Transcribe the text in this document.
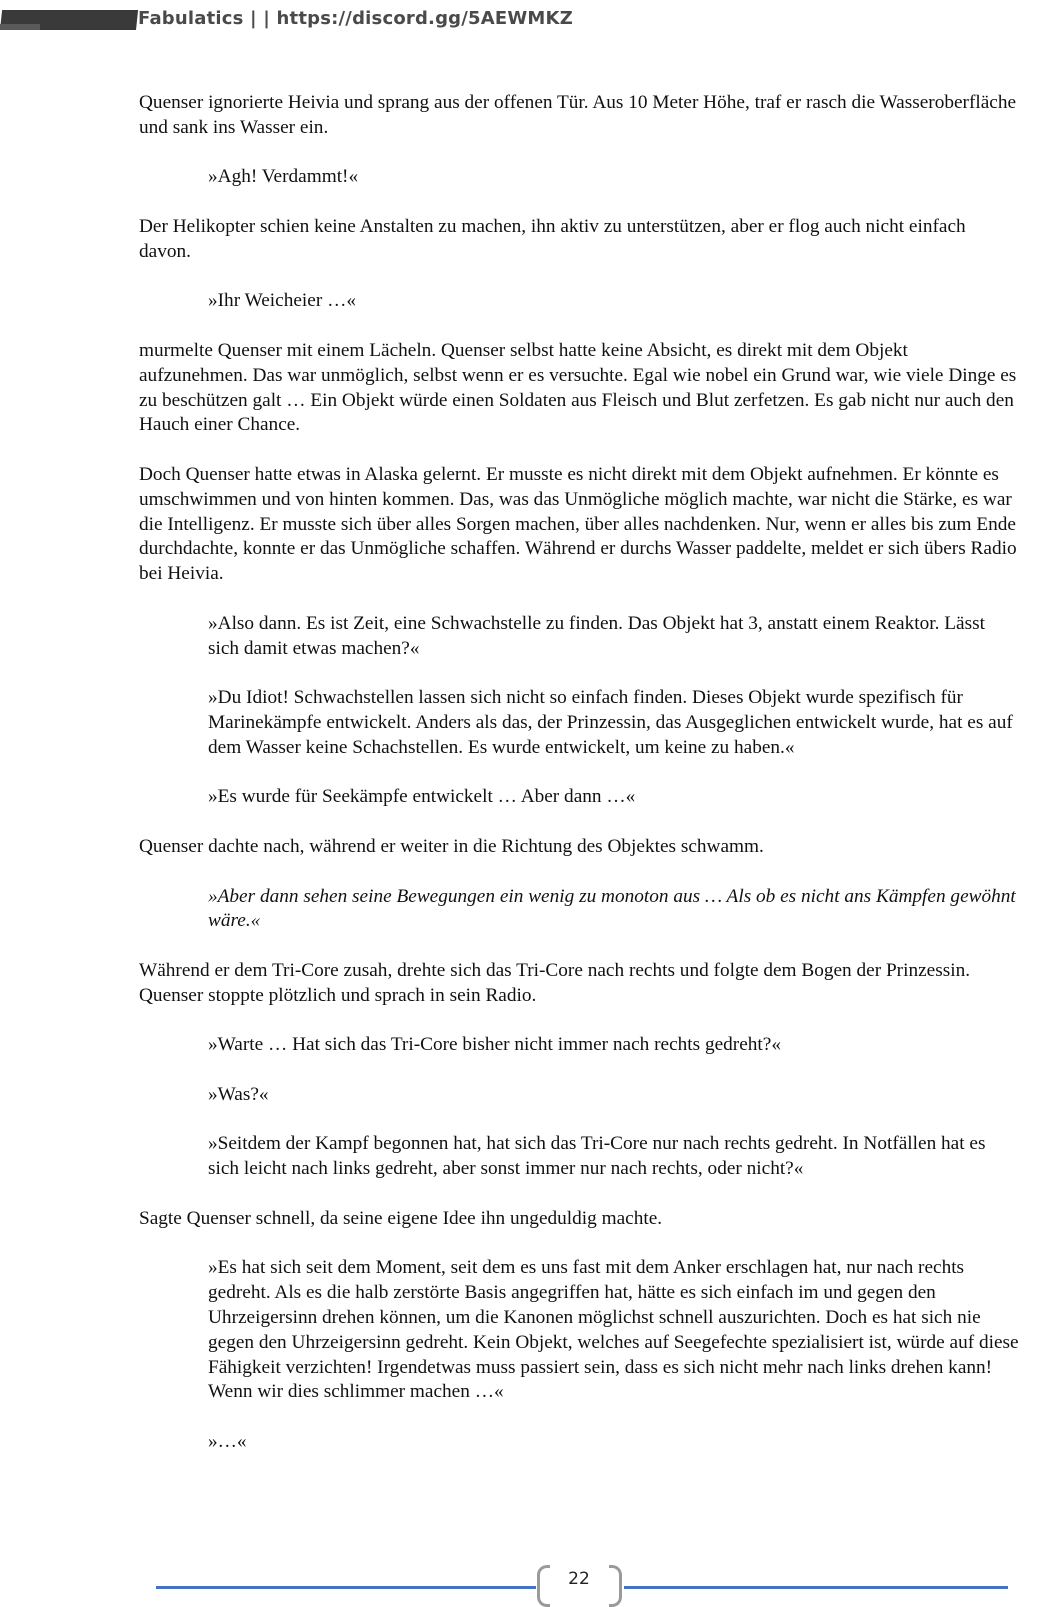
Fabulatics | | https://discord.gg/5AEWMKZ

Quenser ignorierte Heivia und sprang aus der offenen Tür. Aus 10 Meter Höhe, traf er rasch die Wasseroberfläche und sank ins Wasser ein.

»Agh! Verdammt!«

Der Helikopter schien keine Anstalten zu machen, ihn aktiv zu unterstützen, aber er flog auch nicht einfach davon.

»Ihr Weicheier …«

murmelte Quenser mit einem Lächeln. Quenser selbst hatte keine Absicht, es direkt mit dem Objekt aufzunehmen. Das war unmöglich, selbst wenn er es versuchte. Egal wie nobel ein Grund war, wie viele Dinge es zu beschützen galt … Ein Objekt würde einen Soldaten aus Fleisch und Blut zerfetzen. Es gab nicht nur auch den Hauch einer Chance.

Doch Quenser hatte etwas in Alaska gelernt. Er musste es nicht direkt mit dem Objekt aufnehmen. Er könnte es umschwimmen und von hinten kommen. Das, was das Unmögliche möglich machte, war nicht die Stärke, es war die Intelligenz. Er musste sich über alles Sorgen machen, über alles nachdenken. Nur, wenn er alles bis zum Ende durchdachte, konnte er das Unmögliche schaffen. Während er durchs Wasser paddelte, meldet er sich übers Radio bei Heivia.

»Also dann. Es ist Zeit, eine Schwachstelle zu finden. Das Objekt hat 3, anstatt einem Reaktor. Lässt sich damit etwas machen?«

»Du Idiot! Schwachstellen lassen sich nicht so einfach finden. Dieses Objekt wurde spezifisch für Marinekämpfe entwickelt. Anders als das, der Prinzessin, das Ausgeglichen entwickelt wurde, hat es auf dem Wasser keine Schachstellen. Es wurde entwickelt, um keine zu haben.«

»Es wurde für Seekämpfe entwickelt … Aber dann …«

Quenser dachte nach, während er weiter in die Richtung des Objektes schwamm.

»Aber dann sehen seine Bewegungen ein wenig zu monoton aus … Als ob es nicht ans Kämpfen gewöhnt wäre.«

Während er dem Tri-Core zusah, drehte sich das Tri-Core nach rechts und folgte dem Bogen der Prinzessin. Quenser stoppte plötzlich und sprach in sein Radio.

»Warte … Hat sich das Tri-Core bisher nicht immer nach rechts gedreht?«

»Was?«

»Seitdem der Kampf begonnen hat, hat sich das Tri-Core nur nach rechts gedreht. In Notfällen hat es sich leicht nach links gedreht, aber sonst immer nur nach rechts, oder nicht?«

Sagte Quenser schnell, da seine eigene Idee ihn ungeduldig machte.

»Es hat sich seit dem Moment, seit dem es uns fast mit dem Anker erschlagen hat, nur nach rechts gedreht. Als es die halb zerstörte Basis angegriffen hat, hätte es sich einfach im und gegen den Uhrzeigersinn drehen können, um die Kanonen möglichst schnell auszurichten. Doch es hat sich nie gegen den Uhrzeigersinn gedreht. Kein Objekt, welches auf Seegefechte spezialisiert ist, würde auf diese Fähigkeit verzichten! Irgendetwas muss passiert sein, dass es sich nicht mehr nach links drehen kann! Wenn wir dies schlimmer machen …«

»…«

22
